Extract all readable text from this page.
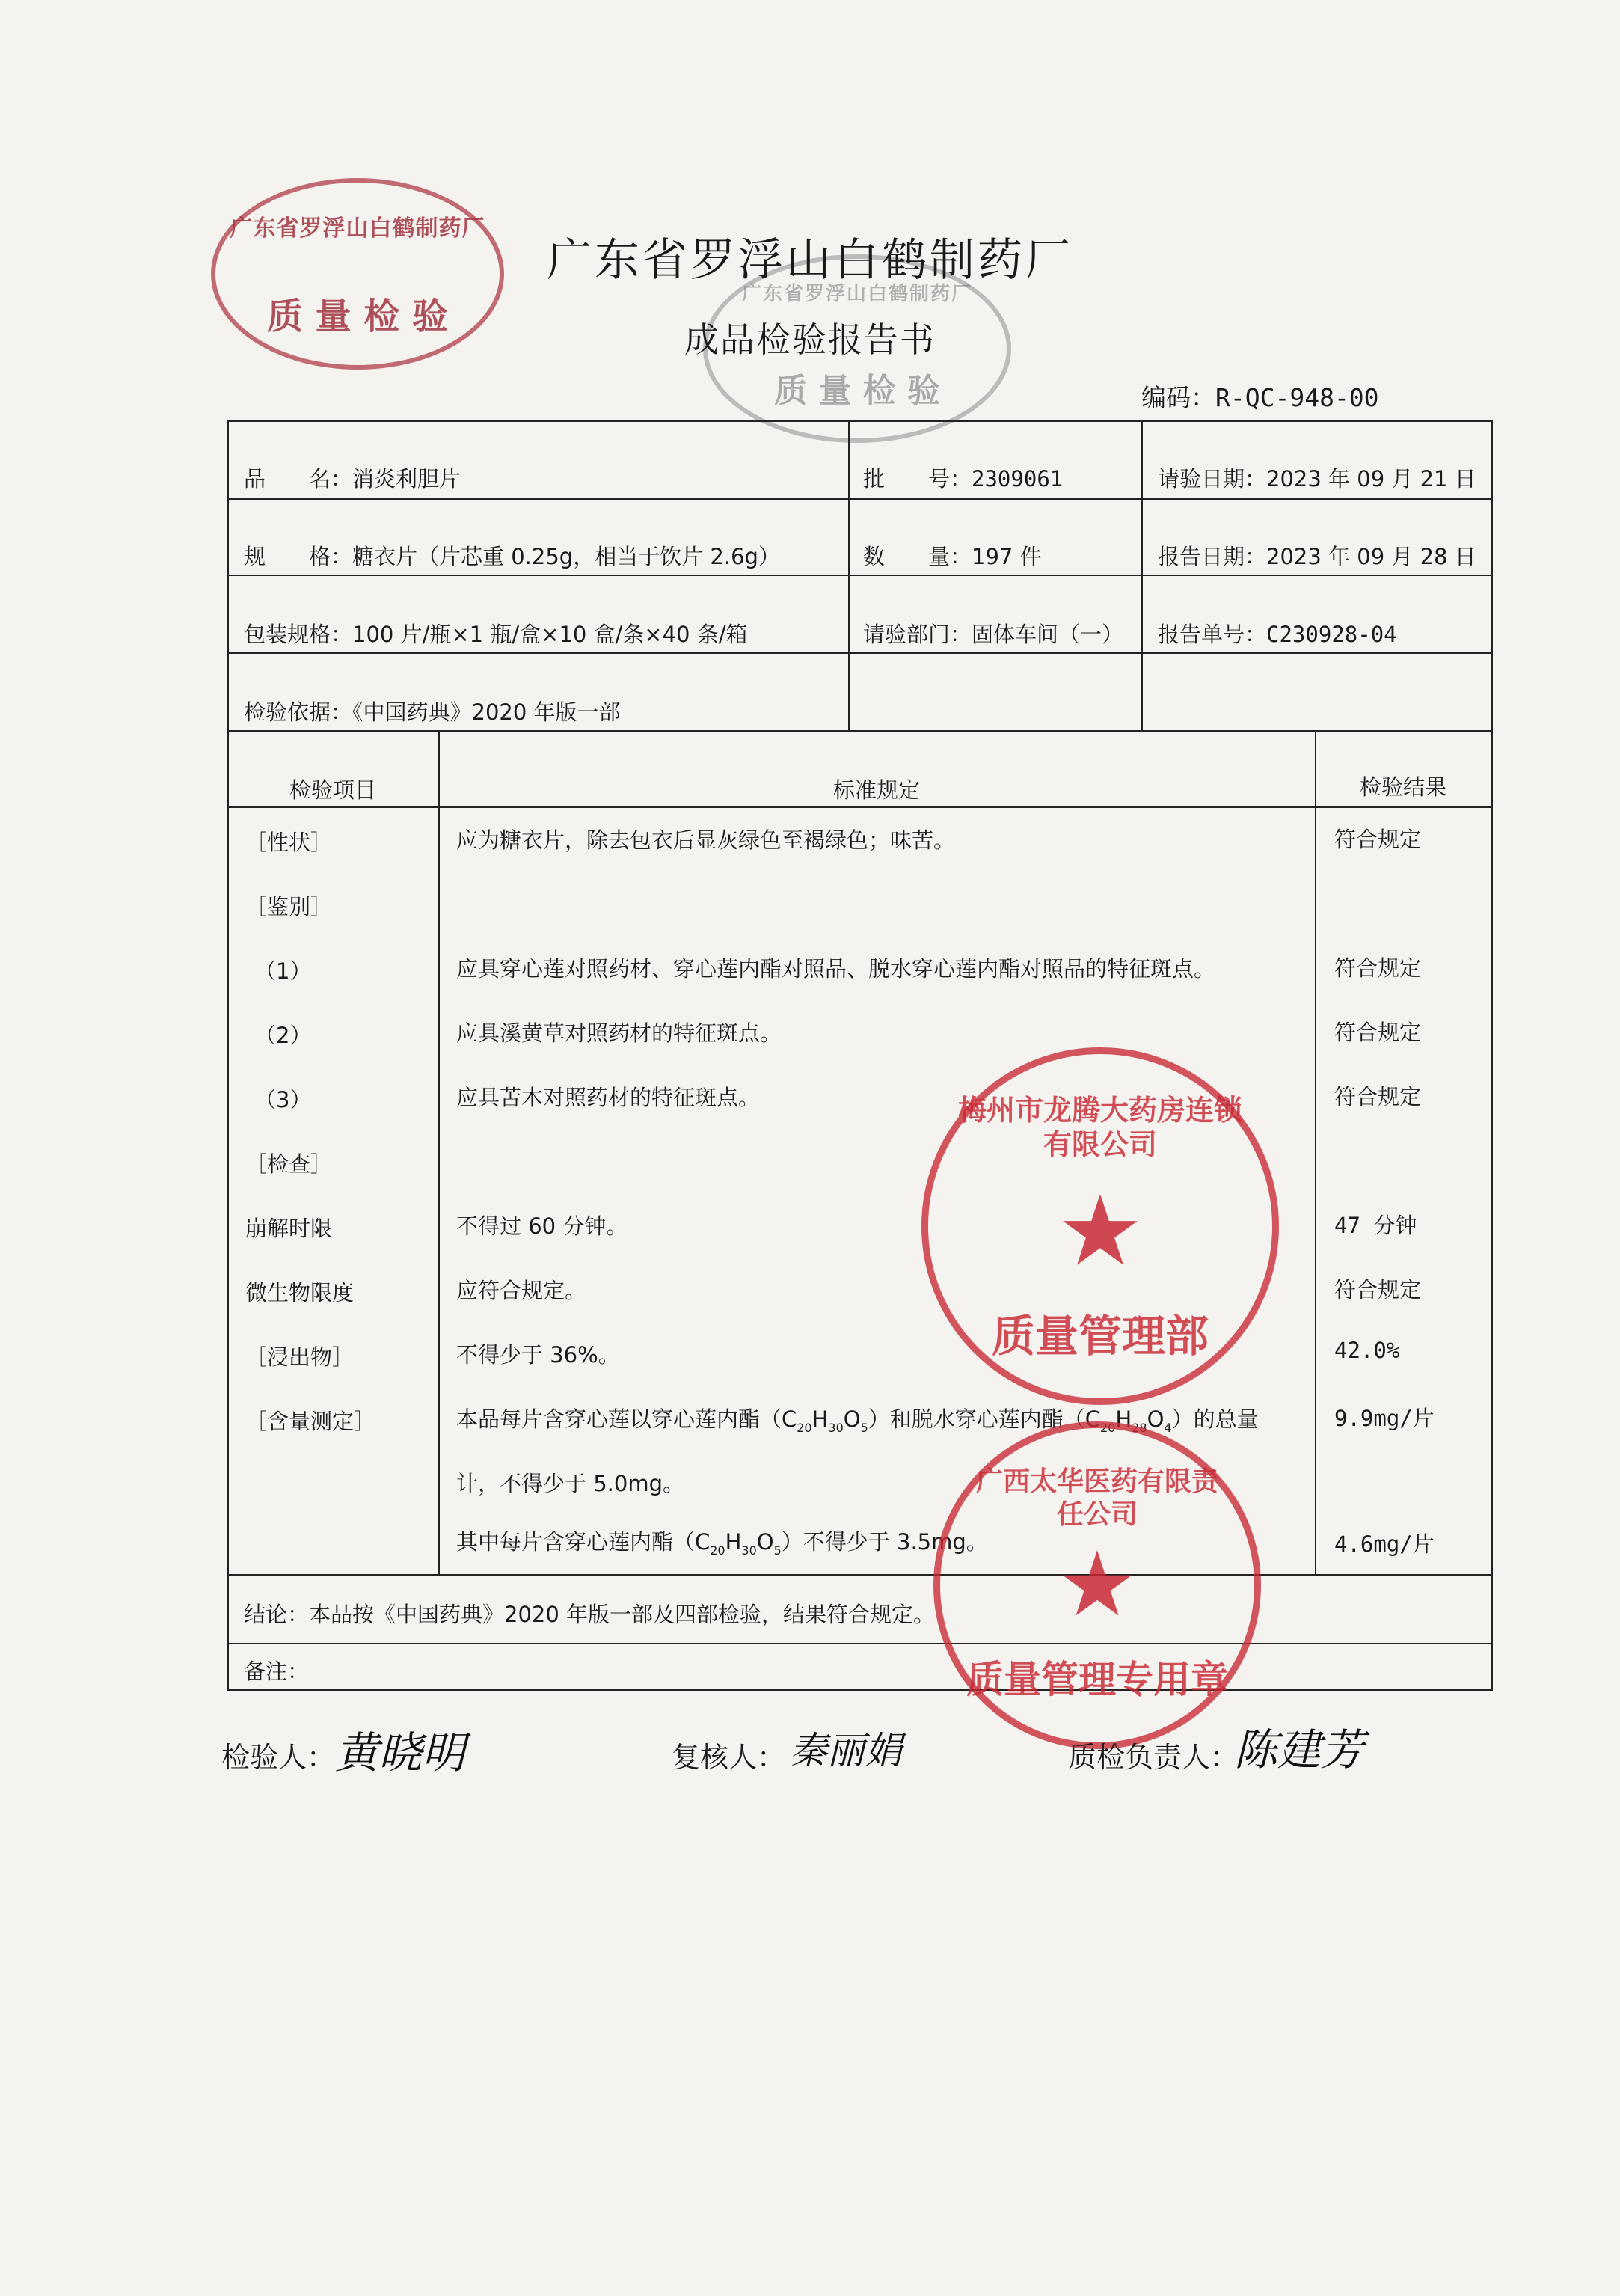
广东省罗浮山白鹤制药厂
质 量 检 验
广东省罗浮山白鹤制药厂
质 量 检 验
广东省罗浮山白鹤制药厂
成品检验报告书
编码：R-QC-948-00
品　　名：消炎利胆片	批　　号：2309061	请验日期：2023 年 09 月 21 日
规　　格：糖衣片（片芯重 0.25g，相当于饮片 2.6g）	数　　量：197 件	报告日期：2023 年 09 月 28 日
包装规格：100 片/瓶×1 瓶/盒×10 盒/条×40 条/箱	请验部门：固体车间（一） 报告单号：C230928-04
检验依据：《中国药典》2020 年版一部
检验项目	标准规定	检验结果
［性状］	应为糖衣片，除去包衣后显灰绿色至褐绿色；味苦。	符合规定
［鉴别］
（1）	应具穿心莲对照药材、穿心莲内酯对照品、脱水穿心莲内酯对照品的特征斑点。	符合规定
（2）	应具溪黄草对照药材的特征斑点。	符合规定
（3）	应具苦木对照药材的特征斑点。	符合规定
［检查］
崩解时限	不得过 60 分钟。	47 分钟
微生物限度	应符合规定。	符合规定
［浸出物］	不得少于 36%。	42.0%
［含量测定］	本品每片含穿心莲以穿心莲内酯$(C_{20}H_{30}O_5)$和脱水穿心莲内酯$(C_{20}H_{28}O_4)$的总量	9.9mg/片
计，不得少于 5.0mg。
其中每片含穿心莲内酯$(C_{20}H_{30}O_5)$不得少于 3.5mg。	4.6mg/片
结论：本品按《中国药典》2020 年版一部及四部检验，结果符合规定。
备注：
梅州市龙腾大药房连锁有限公司
★
质量管理部
广西太华医药有限责任公司
★
质量管理专用章
检验人： 黄晓明	复核人： 秦丽娟	质检负责人：
陈建芳
